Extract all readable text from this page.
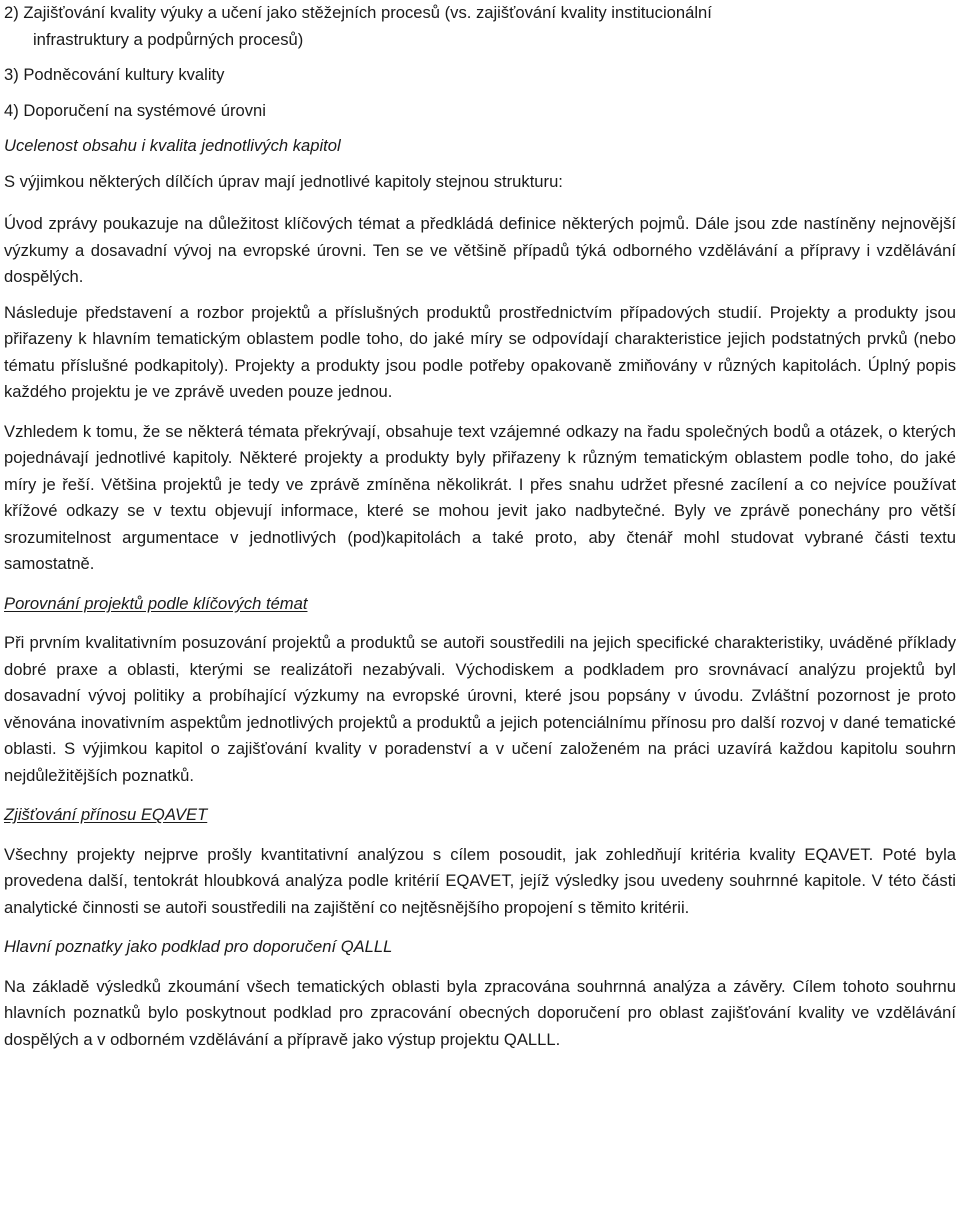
2) Zajišťování kvality výuky a učení jako stěžejních procesů (vs. zajišťování kvality institucionální
infrastruktury a podpůrných procesů)
3) Podněcování kultury kvality
4) Doporučení na systémové úrovni
Ucelenost obsahu i kvalita jednotlivých kapitol

S výjimkou některých dílčích úprav mají jednotlivé kapitoly stejnou strukturu:

Úvod zprávy poukazuje na důležitost klíčových témat a předkládá definice některých pojmů. Dále jsou zde nastíněny nejnovější výzkumy a dosavadní vývoj na evropské úrovni. Ten se ve většině případů týká odborného vzdělávání a přípravy i vzdělávání dospělých.

Následuje představení a rozbor projektů a příslušných produktů prostřednictvím případových studií. Projekty a produkty jsou přiřazeny k hlavním tematickým oblastem podle toho, do jaké míry se odpovídají charakteristice jejich podstatných prvků (nebo tématu příslušné podkapitoly). Projekty a produkty jsou podle potřeby opakovaně zmiňovány v různých kapitolách. Úplný popis každého projektu je ve zprávě uveden pouze jednou.

Vzhledem k tomu, že se některá témata překrývají, obsahuje text vzájemné odkazy na řadu společných bodů a otázek, o kterých pojednávají jednotlivé kapitoly. Některé projekty a produkty byly přiřazeny k různým tematickým oblastem podle toho, do jaké míry je řeší. Většina projektů je tedy ve zprávě zmíněna několikrát. I přes snahu udržet přesné zacílení a co nejvíce používat křížové odkazy se v textu objevují informace, které se mohou jevit jako nadbytečné. Byly ve zprávě ponechány pro větší srozumitelnost argumentace v jednotlivých (pod)kapitolách a také proto, aby čtenář mohl studovat vybrané části textu samostatně.

Porovnání projektů podle klíčových témat

Při prvním kvalitativním posuzování projektů a produktů se autoři soustředili na jejich specifické charakteristiky, uváděné příklady dobré praxe a oblasti, kterými se realizátoři nezabývali. Východiskem a podkladem pro srovnávací analýzu projektů byl dosavadní vývoj politiky a probíhající výzkumy na evropské úrovni, které jsou popsány v úvodu. Zvláštní pozornost je proto věnována inovativním aspektům jednotlivých projektů a produktů a jejich potenciálnímu přínosu pro další rozvoj v dané tematické oblasti. S výjimkou kapitol o zajišťování kvality v poradenství a v učení založeném na práci uzavírá každou kapitolu souhrn nejdůležitějších poznatků.

Zjišťování přínosu EQAVET

Všechny projekty nejprve prošly kvantitativní analýzou s cílem posoudit, jak zohledňují kritéria kvality EQAVET. Poté byla provedena další, tentokrát hloubková analýza podle kritérií EQAVET, jejíž výsledky jsou uvedeny souhrnné kapitole. V této části analytické činnosti se autoři soustředili na zajištění co nejtěsnějšího propojení s těmito kritérii.

Hlavní poznatky jako podklad pro doporučení QALLL

Na základě výsledků zkoumání všech tematických oblasti byla zpracována souhrnná analýza a závěry. Cílem tohoto souhrnu hlavních poznatků bylo poskytnout podklad pro zpracování obecných doporučení pro oblast zajišťování kvality ve vzdělávání dospělých a v odborném vzdělávání a přípravě jako výstup projektu QALLL.
